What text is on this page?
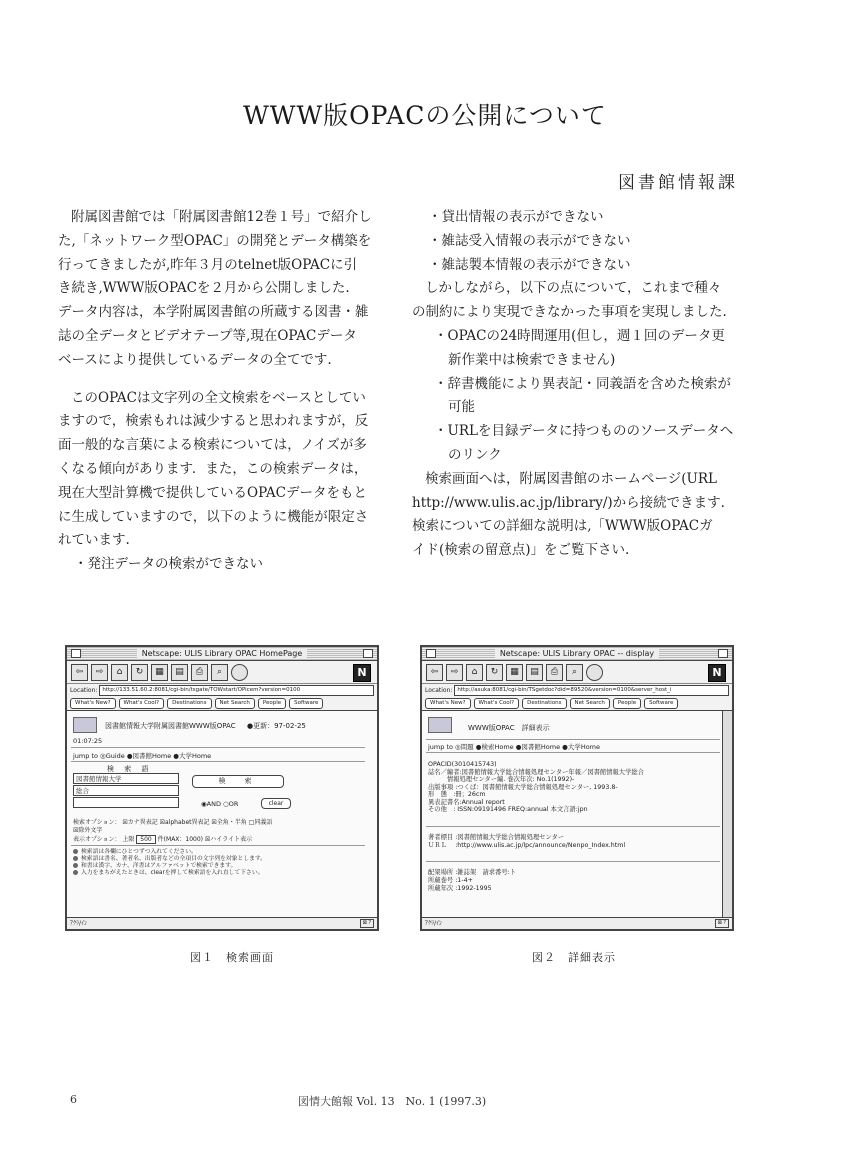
WWW版OPACの公開について
図書館情報課
附属図書館では「附属図書館12巻１号」で紹介し
た,「ネットワーク型OPAC」の開発とデータ構築を
行ってきましたが,昨年３月のtelnet版OPACに引
き続き,WWW版OPACを２月から公開しました.
データ内容は，本学附属図書館の所蔵する図書・雑
誌の全データとビデオテープ等,現在OPACデータ
ベースにより提供しているデータの全てです.
このOPACは文字列の全文検索をベースとしてい
ますので，検索もれは減少すると思われますが，反
面一般的な言葉による検索については，ノイズが多
くなる傾向があります．また，この検索データは，
現在大型計算機で提供しているOPACデータをもと
に生成していますので，以下のように機能が限定さ
れています.
・発注データの検索ができない
・貸出情報の表示ができない
・雑誌受入情報の表示ができない
・雑誌製本情報の表示ができない
しかしながら，以下の点について，これまで種々
の制約により実現できなかった事項を実現しました.
・OPACの24時間運用(但し，週１回のデータ更
新作業中は検索できません)
・辞書機能により異表記・同義語を含めた検索が
可能
・URLを目録データに持つもののソースデータへ
のリンク
検索画面へは，附属図書館のホームページ(URL
http://www.ulis.ac.jp/library/)から接続できます.
検索についての詳細な説明は,「WWW版OPACガ
イド(検索の留意点)」をご覧下さい.
Netscape: ULIS Library OPAC HomePage
⇦	⇨	⌂	↻	▦	▤	⎙	⌕	N
Location: http://133.51.60.2:8081/cgi-bin/tsgate/TOWstart/OPicem?version=0100
What's New?	What's Cool?	Destinations	Net Search	People	Software
図書館情報大学附属図書館WWW版OPAC ●更新：97-02-25
01:07:25
jump to ◎Guide ●図書館Home ●大学Home
検 索 語
図書館情報大学
総合
検　索
◉AND ○OR	clear
検索オプション： ☒カナ異表記 ☒alphabet異表記 ☒全角・半角 □同義語
☒除外文字
表示オプション： 上限 500 件(MAX：1000) ☒ハイライト表示
検索語は各欄にひとつずつ入れてください。
検索語は書名、著者名、出版者などの全項目の文字列を対象とします。
和書は漢字、カナ、洋書はアルファベットで検索できます。
入力をまちがえたときは、clearを押して検索語を入れ直して下さい。
ｱｸﾗ/ｲﾝ	⊠ ?
Netscape: ULIS Library OPAC -- display
⇦	⇨	⌂	↻	▦	▤	⎙	⌕	N
Location: http://asuka:8081/cgi-bin/TSgetdoc?did=89520&version=0100&server_host_i
What's New?	What's Cool?	Destinations	Net Search	People	Software
WWW版OPAC　詳細表示
jump to ◎問題 ●検索Home ●図書館Home ●大学Home
OPACID(3010415743)
誌名／編者:図書館情報大学総合情報処理センター年報／図書館情報大学総合
　　　情報処理センター編. 巻次年次: No.1(1992)-
出版事項 :つくば：図書館情報大学総合情報処理センター, 1993.8-
形　態　:冊；26cm
異表記書名:Annual report
その他　: ISSN:09191496 FREQ:annual 本文言語:jpn
著者標目 :図書館情報大学総合情報処理センター
ＵＲＬ　 :http://www.ulis.ac.jp/lpc/announce/Nenpo_Index.html
配架場所 :雑誌架　請求番号:ト
所蔵巻号 :1-4+
所蔵年次 :1992-1995
ｱｸﾗ/ｲﾝ	⊠ ?
図１　検索画面	図２　詳細表示
6	図情大館報 Vol. 13　No. 1 (1997.3)
